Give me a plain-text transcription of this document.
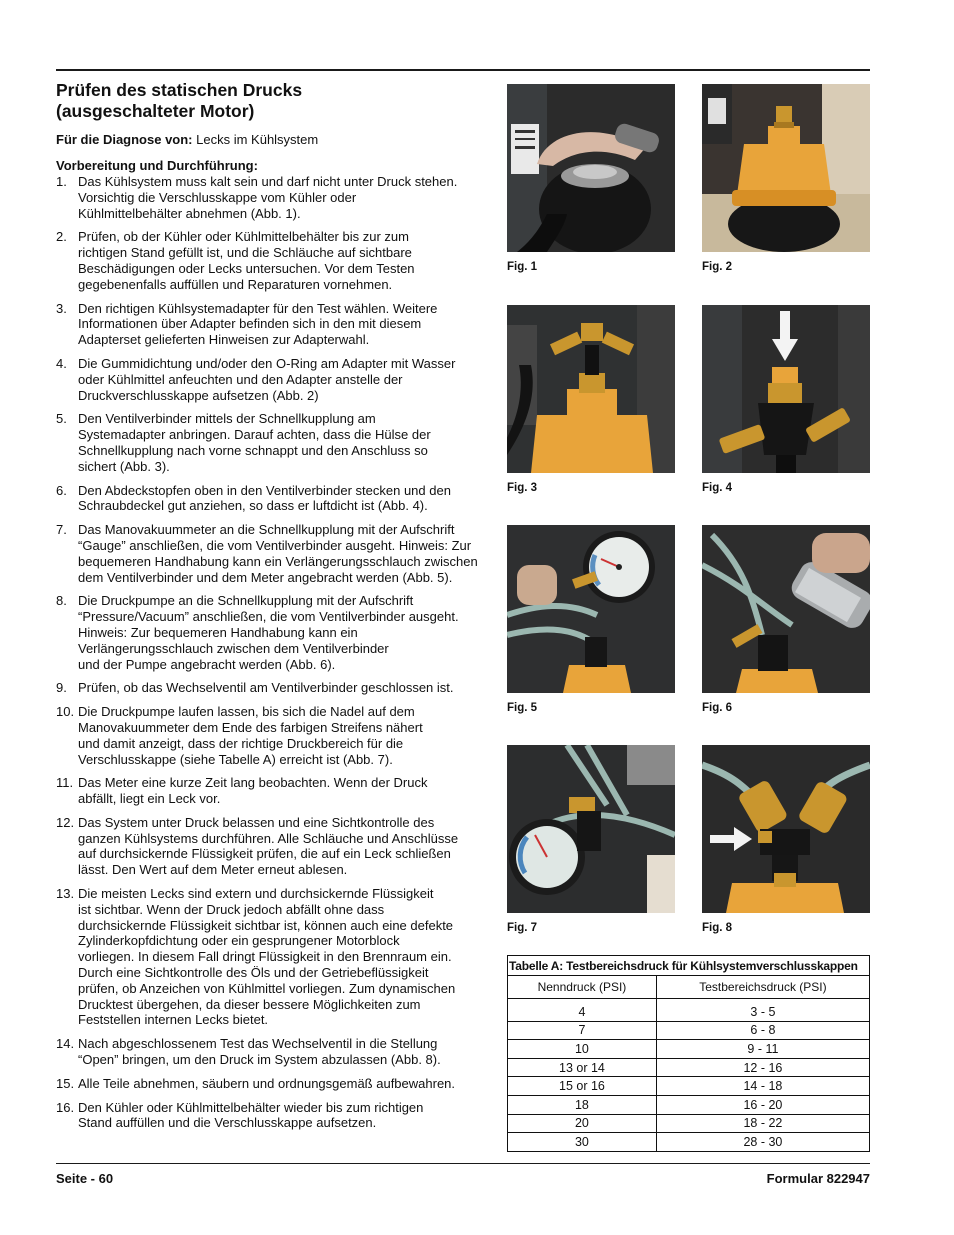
Prüfen des statischen Drucks
(ausgeschalteter Motor)

Für die Diagnose von: Lecks im Kühlsystem

Vorbereitung und Durchführung:

1. Das Kühlsystem muss kalt sein und darf nicht unter Druck stehen.
Vorsichtig die Verschlusskappe vom Kühler oder
Kühlmittelbehälter abnehmen (Abb. 1).
2. Prüfen, ob der Kühler oder Kühlmittelbehälter bis zur zum
richtigen Stand gefüllt ist, und die Schläuche auf sichtbare
Beschädigungen oder Lecks untersuchen. Vor dem Testen
gegebenenfalls auffüllen und Reparaturen vornehmen.
3. Den richtigen Kühlsystemadapter für den Test wählen. Weitere
Informationen über Adapter befinden sich in den mit diesem
Adapterset gelieferten Hinweisen zur Adapterwahl.
4. Die Gummidichtung und/oder den O-Ring am Adapter mit Wasser
oder Kühlmittel anfeuchten und den Adapter anstelle der
Druckverschlusskappe aufsetzen (Abb. 2)
5. Den Ventilverbinder mittels der Schnellkupplung am
Systemadapter anbringen. Darauf achten, dass die Hülse der
Schnellkupplung nach vorne schnappt und den Anschluss so
sichert (Abb. 3).
6. Den Abdeckstopfen oben in den Ventilverbinder stecken und den
Schraubdeckel gut anziehen, so dass er luftdicht ist (Abb. 4).
7. Das Manovakuummeter an die Schnellkupplung mit der Aufschrift
“Gauge” anschließen, die vom Ventilverbinder ausgeht. Hinweis: Zur
bequemeren Handhabung kann ein Verlängerungsschlauch zwischen
dem Ventilverbinder und dem Meter angebracht werden (Abb. 5).
8. Die Druckpumpe an die Schnellkupplung mit der Aufschrift
“Pressure/Vacuum” anschließen, die vom Ventilverbinder ausgeht.
Hinweis: Zur bequemeren Handhabung kann ein
Verlängerungsschlauch zwischen dem Ventilverbinder
und der Pumpe angebracht werden (Abb. 6).
9. Prüfen, ob das Wechselventil am Ventilverbinder geschlossen ist.
10. Die Druckpumpe laufen lassen, bis sich die Nadel auf dem
Manovakuummeter dem Ende des farbigen Streifens nähert
und damit anzeigt, dass der richtige Druckbereich für die
Verschlusskappe (siehe Tabelle A) erreicht ist (Abb. 7).
11. Das Meter eine kurze Zeit lang beobachten. Wenn der Druck
abfällt, liegt ein Leck vor.
12. Das System unter Druck belassen und eine Sichtkontrolle des
ganzen Kühlsystems durchführen. Alle Schläuche und Anschlüsse
auf durchsickernde Flüssigkeit prüfen, die auf ein Leck schließen
lässt. Den Wert auf dem Meter erneut ablesen.
13. Die meisten Lecks sind extern und durchsickernde Flüssigkeit
ist sichtbar. Wenn der Druck jedoch abfällt ohne dass
durchsickernde Flüssigkeit sichtbar ist, können auch eine defekte
Zylinderkopfdichtung oder ein gesprungener Motorblock
vorliegen. In diesem Fall dringt Flüssigkeit in den Brennraum ein.
Durch eine Sichtkontrolle des Öls und der Getriebeflüssigkeit
prüfen, ob Anzeichen von Kühlmittel vorliegen. Zum dynamischen
Drucktest übergehen, da dieser bessere Möglichkeiten zum
Feststellen internen Lecks bietet.
14. Nach abgeschlossenem Test das Wechselventil in die Stellung
“Open” bringen, um den Druck im System abzulassen (Abb. 8).
15. Alle Teile abnehmen, säubern und ordnungsgemäß aufbewahren.
16. Den Kühler oder Kühlmittelbehälter wieder bis zum richtigen
Stand auffüllen und die Verschlusskappe aufsetzen.
Fig. 1	Fig. 2
Fig. 3	Fig. 4
Fig. 5	Fig. 6
Fig. 7	Fig. 8
Tabelle A: Testbereichsdruck für Kühlsystemverschlusskappen	
Nenndruck (PSI)	Testbereichsdruck (PSI)
4	3 - 5
7	6 - 8
10	9 - 11
13 or 14	12 - 16
15 or 16	14 - 18
18	16 - 20
20	18 - 22
30	28 - 30
Seite - 60	Formular 822947
